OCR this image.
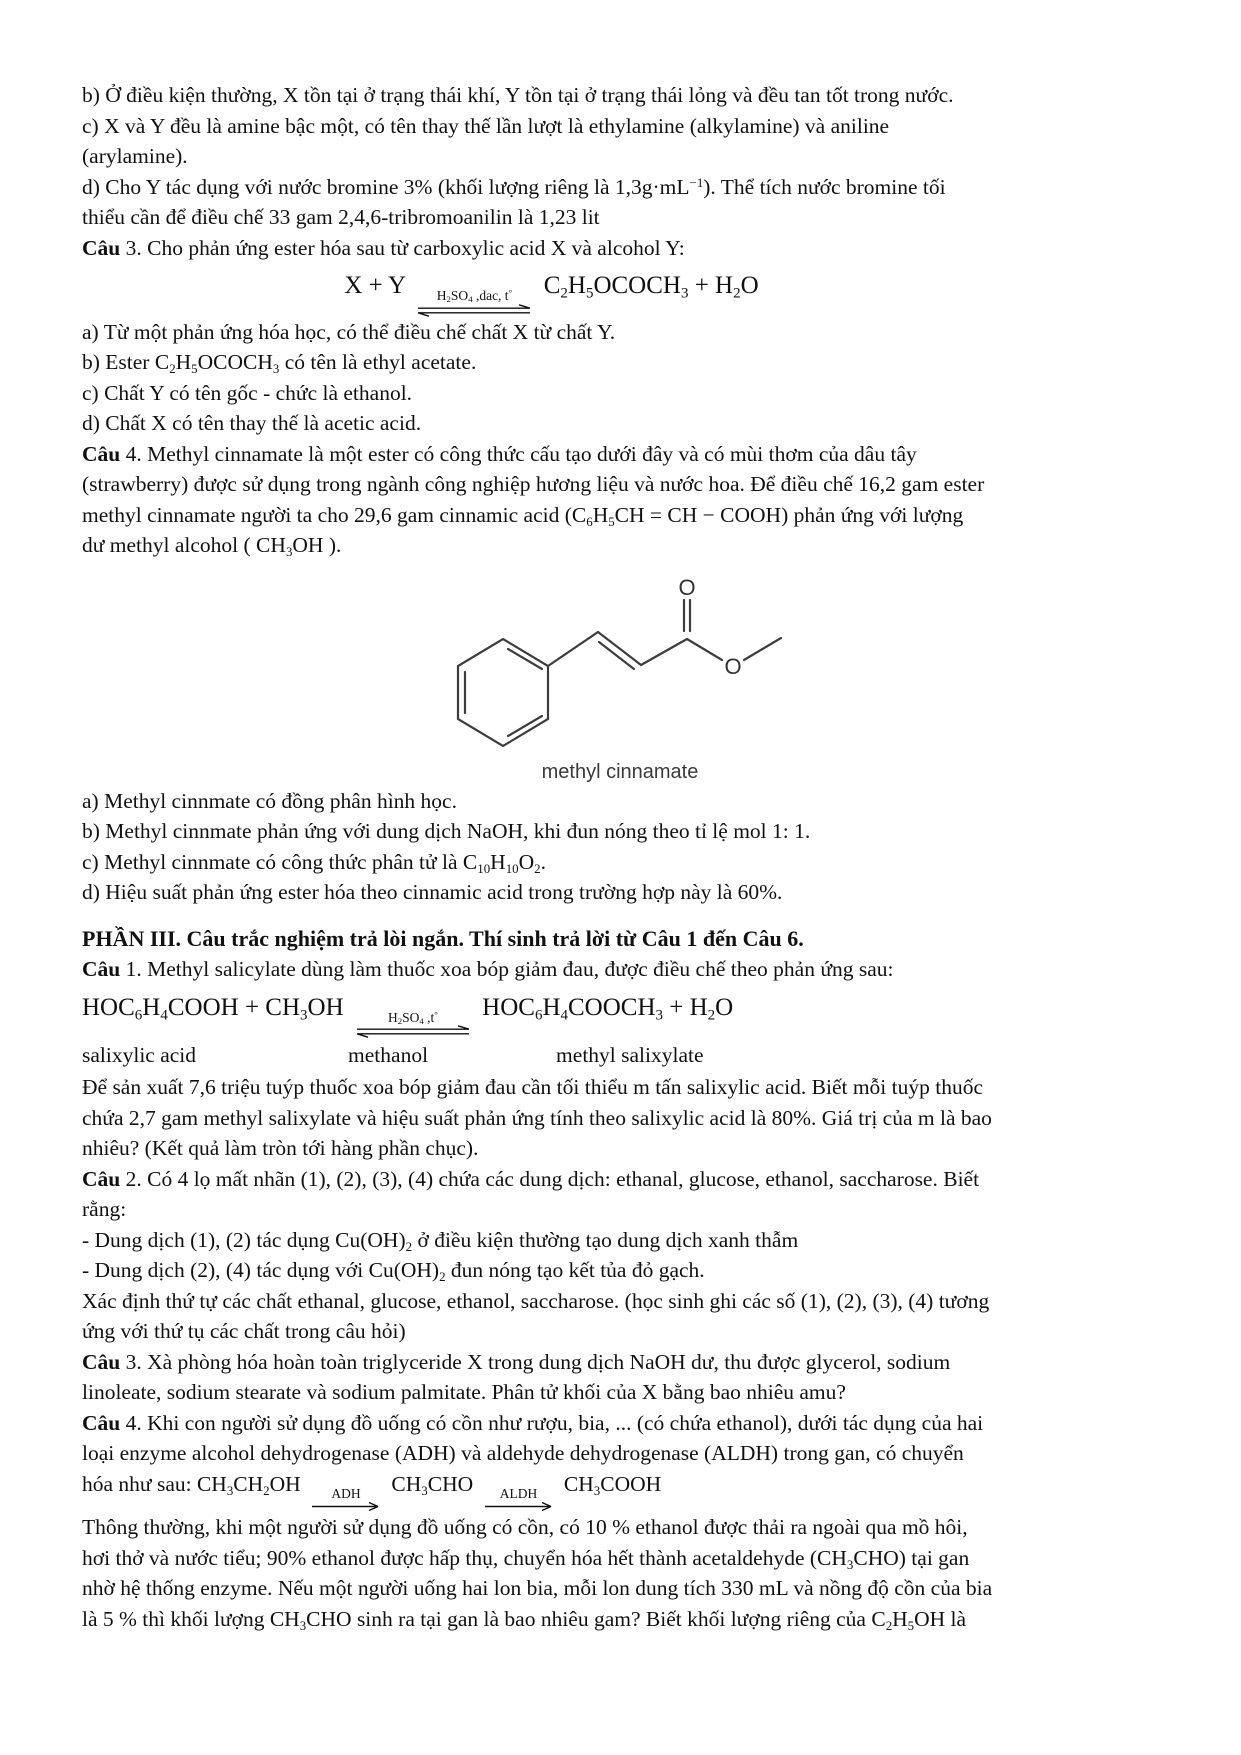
b) Ở điều kiện thường, X tồn tại ở trạng thái khí, Y tồn tại ở trạng thái lỏng và đều tan tốt trong nước.
c) X và Y đều là amine bậc một, có tên thay thế lần lượt là ethylamine (alkylamine) và aniline
(arylamine).
d) Cho Y tác dụng với nước bromine 3% (khối lượng riêng là $1,3g\cdot mL^{-1}$). Thể tích nước bromine tối
thiểu cần để điều chế 33 gam 2,4,6-tribromoanilin là 1,23 lit
Câu 3. Cho phản ứng ester hóa sau từ carboxylic acid X và alcohol Y:
X + Y $H_2SO_4$ ,dac, t° $C_2H_5OCOCH_3 + H_2O$
a) Từ một phản ứng hóa học, có thể điều chế chất X từ chất Y.
b) Ester $C_2H_5OCOCH_3$ có tên là ethyl acetate.
c) Chất Y có tên gốc - chức là ethanol.
d) Chất X có tên thay thế là acetic acid.
Câu 4. Methyl cinnamate là một ester có công thức cấu tạo dưới đây và có mùi thơm của dâu tây
(strawberry) được sử dụng trong ngành công nghiệp hương liệu và nước hoa. Để điều chế 16,2 gam ester
methyl cinnamate người ta cho 29,6 gam cinnamic acid ($C_6H_5CH$ = CH − COOH) phản ứng với lượng
dư methyl alcohol ( $CH_3OH$ ).
O
O
methyl cinnamate
a) Methyl cinnmate có đồng phân hình học.
b) Methyl cinnmate phản ứng với dung dịch NaOH, khi đun nóng theo tỉ lệ mol 1: 1.
c) Methyl cinnmate có công thức phân tử là $C_{10}H_{10}O_2$.
d) Hiệu suất phản ứng ester hóa theo cinnamic acid trong trường hợp này là 60%.
PHẦN III. Câu trắc nghiệm trả lòi ngắn. Thí sinh trả lời từ Câu 1 đến Câu 6.
Câu 1. Methyl salicylate dùng làm thuốc xoa bóp giảm đau, được điều chế theo phản ứng sau:
$HOC_6H_4COOH + CH_3OH$	$H_2SO_4$ ,t° $HOC_6H_4COOCH_3 + H_2O$
salixylic acid	methanol	methyl salixylate
Để sản xuất 7,6 triệu tuýp thuốc xoa bóp giảm đau cần tối thiểu m tấn salixylic acid. Biết mỗi tuýp thuốc
chứa 2,7 gam methyl salixylate và hiệu suất phản ứng tính theo salixylic acid là 80%. Giá trị của m là bao
nhiêu? (Kết quả làm tròn tới hàng phần chục).
Câu 2. Có 4 lọ mất nhãn (1), (2), (3), (4) chứa các dung dịch: ethanal, glucose, ethanol, saccharose. Biết
rằng:
- Dung dịch (1), (2) tác dụng $Cu(OH)_2$ ở điều kiện thường tạo dung dịch xanh thẫm
- Dung dịch (2), (4) tác dụng với $Cu(OH)_2$ đun nóng tạo kết tủa đỏ gạch.
Xác định thứ tự các chất ethanal, glucose, ethanol, saccharose. (học sinh ghi các số (1), (2), (3), (4) tương
ứng với thứ tụ các chất trong câu hỏi)
Câu 3. Xà phòng hóa hoàn toàn triglyceride X trong dung dịch NaOH dư, thu được glycerol, sodium
linoleate, sodium stearate và sodium palmitate. Phân tử khối của X bằng bao nhiêu amu?
Câu 4. Khi con người sử dụng đồ uống có cồn như rượu, bia, ... (có chứa ethanol), dưới tác dụng của hai
loại enzyme alcohol dehydrogenase (ADH) và aldehyde dehydrogenase (ALDH) trong gan, có chuyển
hóa như sau: $CH_3CH_2OH$ ADH $CH_3CHO$ ALDH $CH_3COOH$
Thông thường, khi một người sử dụng đồ uống có cồn, có 10 % ethanol được thải ra ngoài qua mồ hôi,
hơi thở và nước tiểu; 90% ethanol được hấp thụ, chuyển hóa hết thành acetaldehyde $(CH_3CHO)$ tại gan
nhờ hệ thống enzyme. Nếu một người uống hai lon bia, mỗi lon dung tích 330 mL và nồng độ cồn của bia
là 5 % thì khối lượng $CH_3CHO$ sinh ra tại gan là bao nhiêu gam? Biết khối lượng riêng của $C_2H_5OH$ là
